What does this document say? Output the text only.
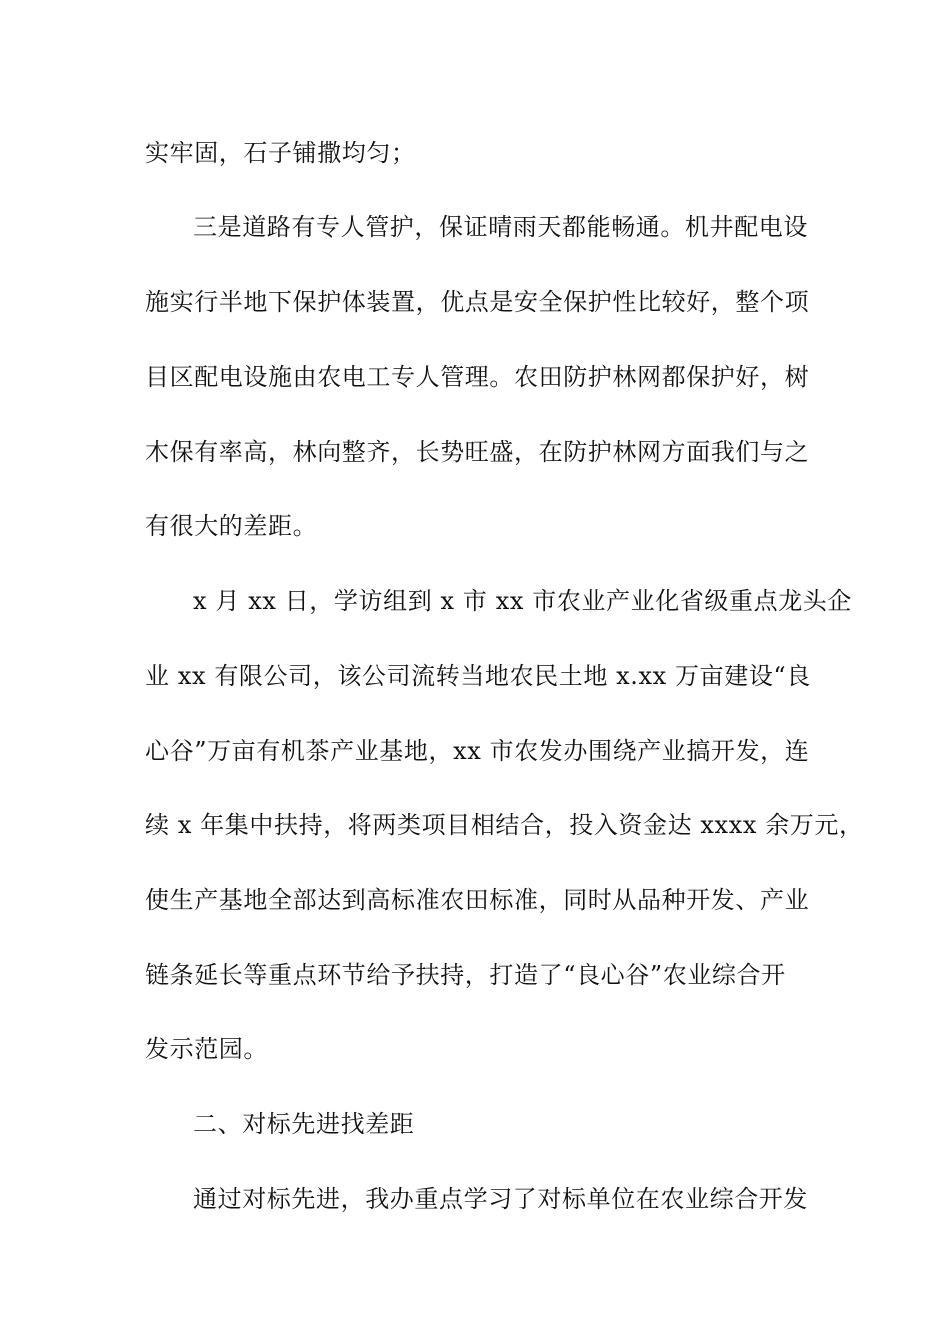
实牢固，石子铺撒均匀；
三是道路有专人管护，保证晴雨天都能畅通。机井配电设
施实行半地下保护体装置，优点是安全保护性比较好，整个项
目区配电设施由农电工专人管理。农田防护林网都保护好，树
木保有率高，林向整齐，长势旺盛，在防护林网方面我们与之
有很大的差距。
x 月 xx 日，学访组到 x 市 xx 市农业产业化省级重点龙头企
业 xx 有限公司，该公司流转当地农民土地 x.xx 万亩建设“良
心谷”万亩有机茶产业基地，xx 市农发办围绕产业搞开发，连
续 x 年集中扶持，将两类项目相结合，投入资金达 xxxx 余万元，
使生产基地全部达到高标准农田标准，同时从品种开发、产业
链条延长等重点环节给予扶持，打造了“良心谷”农业综合开
发示范园。
二、对标先进找差距
通过对标先进，我办重点学习了对标单位在农业综合开发
